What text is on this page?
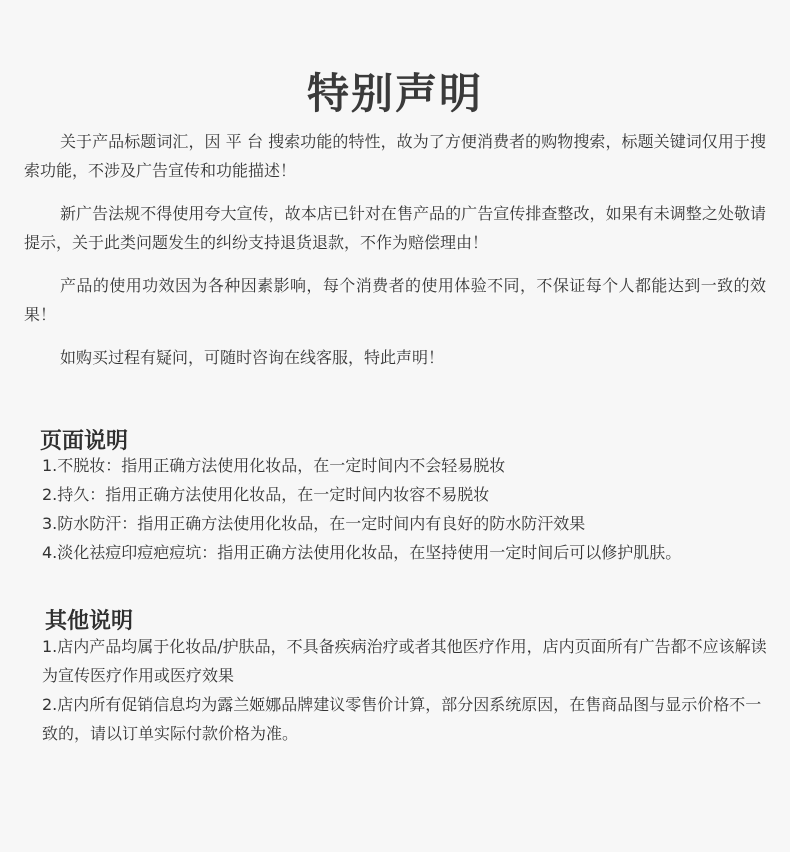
特别声明

关于产品标题词汇，因 平 台 搜索功能的特性，故为了方便消费者的购物搜索，标题关键词仅用于搜索功能，不涉及广告宣传和功能描述！

新广告法规不得使用夸大宣传，故本店已针对在售产品的广告宣传排查整改，如果有未调整之处敬请提示，关于此类问题发生的纠纷支持退货退款，不作为赔偿理由！

产品的使用功效因为各种因素影响，每个消费者的使用体验不同，不保证每个人都能达到一致的效果！

如购买过程有疑问，可随时咨询在线客服，特此声明！

页面说明
1.不脱妆：指用正确方法使用化妆品，在一定时间内不会轻易脱妆
2.持久：指用正确方法使用化妆品，在一定时间内妆容不易脱妆
3.防水防汗：指用正确方法使用化妆品，在一定时间内有良好的防水防汗效果
4.淡化祛痘印痘疤痘坑：指用正确方法使用化妆品，在坚持使用一定时间后可以修护肌肤。
其他说明
1.店内产品均属于化妆品/护肤品，不具备疾病治疗或者其他医疗作用，店内页面所有广告都不应该解读为宣传医疗作用或医疗效果
2.店内所有促销信息均为露兰姬娜品牌建议零售价计算，部分因系统原因，在售商品图与显示价格不一致的，请以订单实际付款价格为准。
